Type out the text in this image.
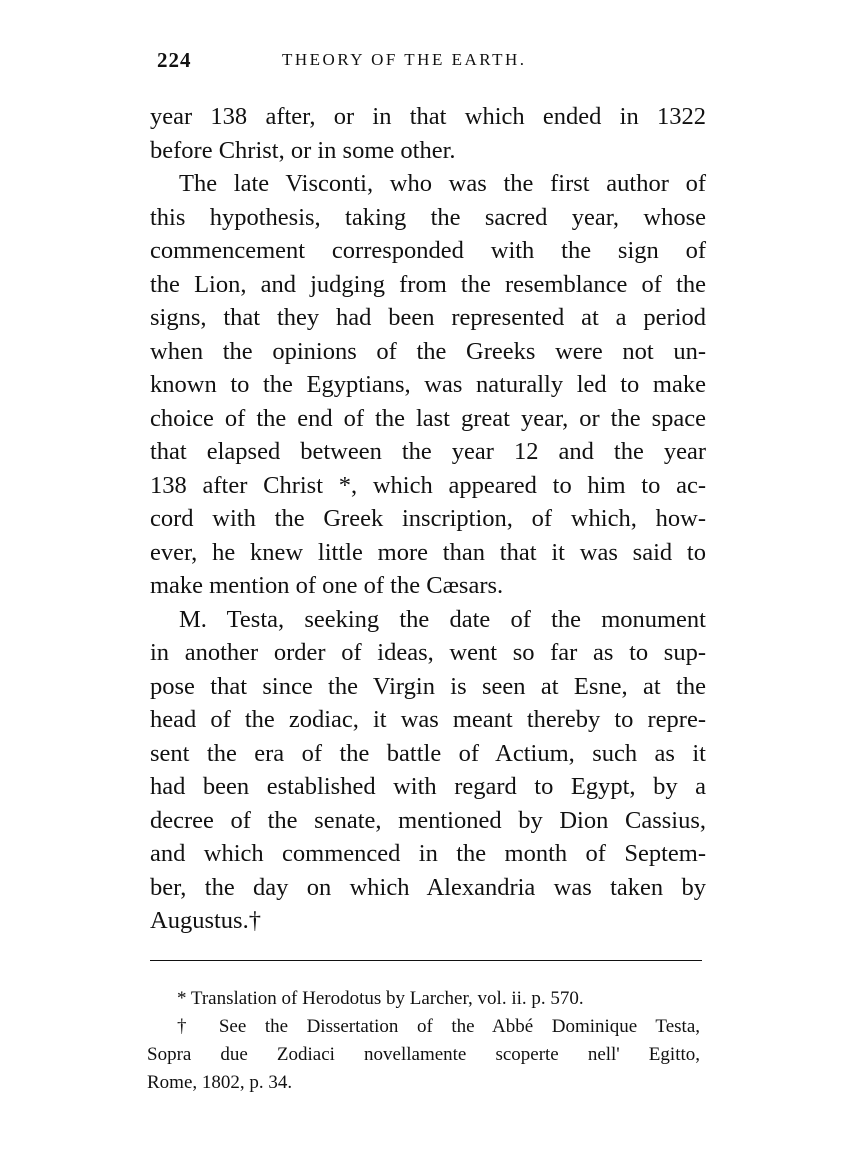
224	THEORY OF THE EARTH.
year 138 after, or in that which ended in 1322
before Christ, or in some other.
The late Visconti, who was the first author of
this hypothesis, taking the sacred year, whose
commencement corresponded with the sign of
the Lion, and judging from the resemblance of the
signs, that they had been represented at a period
when the opinions of the Greeks were not un-
known to the Egyptians, was naturally led to make
choice of the end of the last great year, or the space
that elapsed between the year 12 and the year
138 after Christ *, which appeared to him to ac-
cord with the Greek inscription, of which, how-
ever, he knew little more than that it was said to
make mention of one of the Cæsars.
M. Testa, seeking the date of the monument
in another order of ideas, went so far as to sup-
pose that since the Virgin is seen at Esne, at the
head of the zodiac, it was meant thereby to repre-
sent the era of the battle of Actium, such as it
had been established with regard to Egypt, by a
decree of the senate, mentioned by Dion Cassius,
and which commenced in the month of Septem-
ber, the day on which Alexandria was taken by
Augustus.†
* Translation of Herodotus by Larcher, vol. ii. p. 570.
† See the Dissertation of the Abbé Dominique Testa,
Sopra due Zodiaci novellamente scoperte nell' Egitto,
Rome, 1802, p. 34.
